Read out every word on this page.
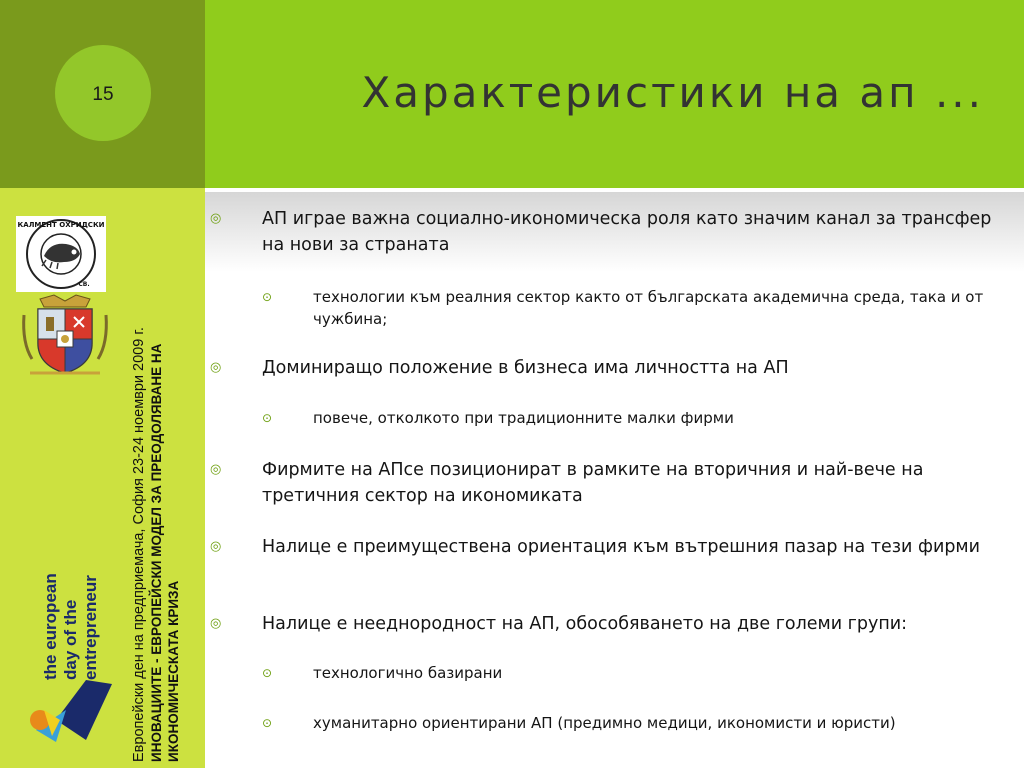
15	Характеристики на ап ...
КАЛМЕНТ ОХРИДСКИ
СВ.
the european day of the entrepreneur Европейски ден на предприемача, София 23-24 ноември 2009 г. ИНОВАЦИИТЕ - ЕВРОПЕЙСКИ МОДЕЛ ЗА ПРЕОДОЛЯВАНЕ НА ИКОНОМИЧЕСКАТА КРИЗА
◎ АП играе важна социално-икономическа роля като значим канал за трансфер на нови за страната
⊙	технологии към реалния сектор както от българската академична среда, така и от чужбина;
◎ Доминиращо положение в бизнеса има личността на АП
⊙	повече, отколкото при традиционните малки фирми
◎ Фирмите на АПсе позиционират в рамките на вторичния и най-вече на третичния сектор на икономиката
◎ Налице е преимуществена ориентация към вътрешния пазар на тези фирми
◎ Налице е нееднородност на АП, обособяването на две големи групи:
⊙	технологично базирани
⊙	хуманитарно ориентирани АП (предимно медици, икономисти и юристи)
